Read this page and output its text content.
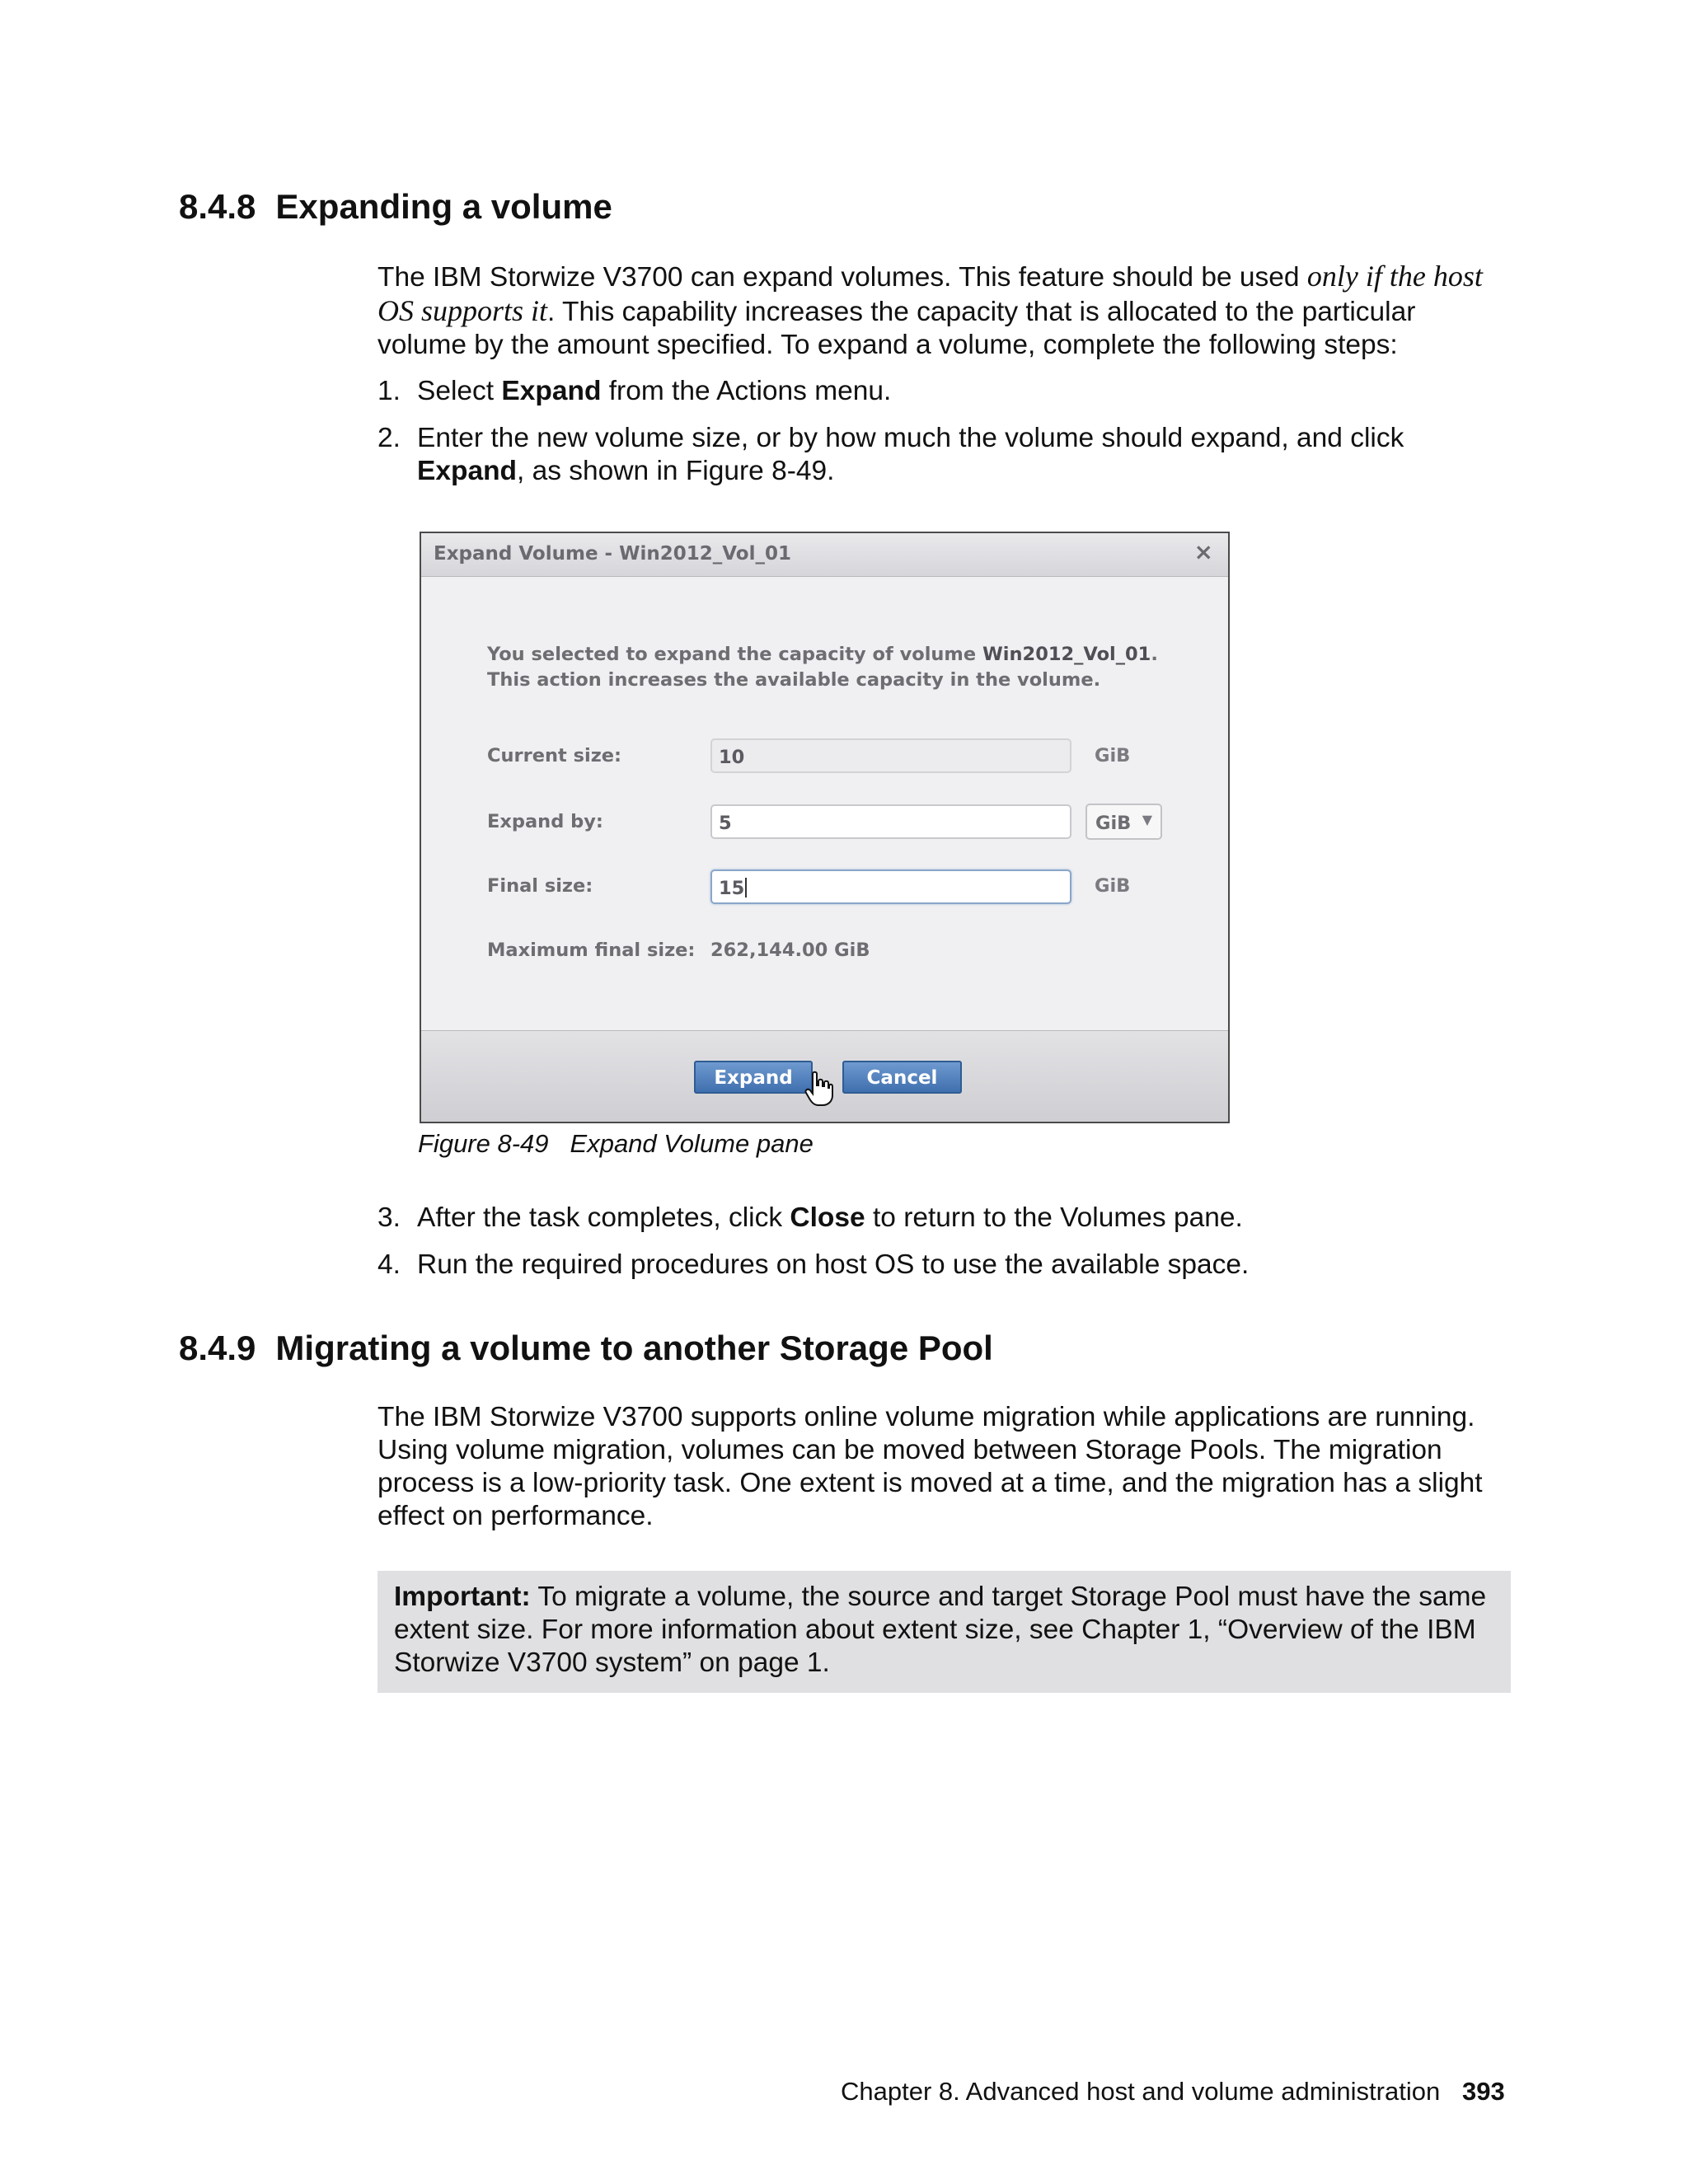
8.4.8 Expanding a volume

The IBM Storwize V3700 can expand volumes. This feature should be used only if the host OS supports it. This capability increases the capacity that is allocated to the particular volume by the amount specified. To expand a volume, complete the following steps:

1. Select Expand from the Actions menu.
2. Enter the new volume size, or by how much the volume should expand, and click Expand, as shown in Figure 8-49.
Expand Volume - Win2012_Vol_01	×
You selected to expand the capacity of volume Win2012_Vol_01. This action increases the available capacity in the volume.
Current size:	10	GiB
Expand by:	5	GiB ▼
Final size:	15	GiB
Maximum final size: 262,144.00 GiB
Expand	Cancel
Figure 8-49 Expand Volume pane
3. After the task completes, click Close to return to the Volumes pane.
4. Run the required procedures on host OS to use the available space.
8.4.9 Migrating a volume to another Storage Pool

The IBM Storwize V3700 supports online volume migration while applications are running. Using volume migration, volumes can be moved between Storage Pools. The migration process is a low-priority task. One extent is moved at a time, and the migration has a slight effect on performance.

Important: To migrate a volume, the source and target Storage Pool must have the same extent size. For more information about extent size, see Chapter 1, “Overview of the IBM Storwize V3700 system” on page 1.
Chapter 8. Advanced host and volume administration 393
